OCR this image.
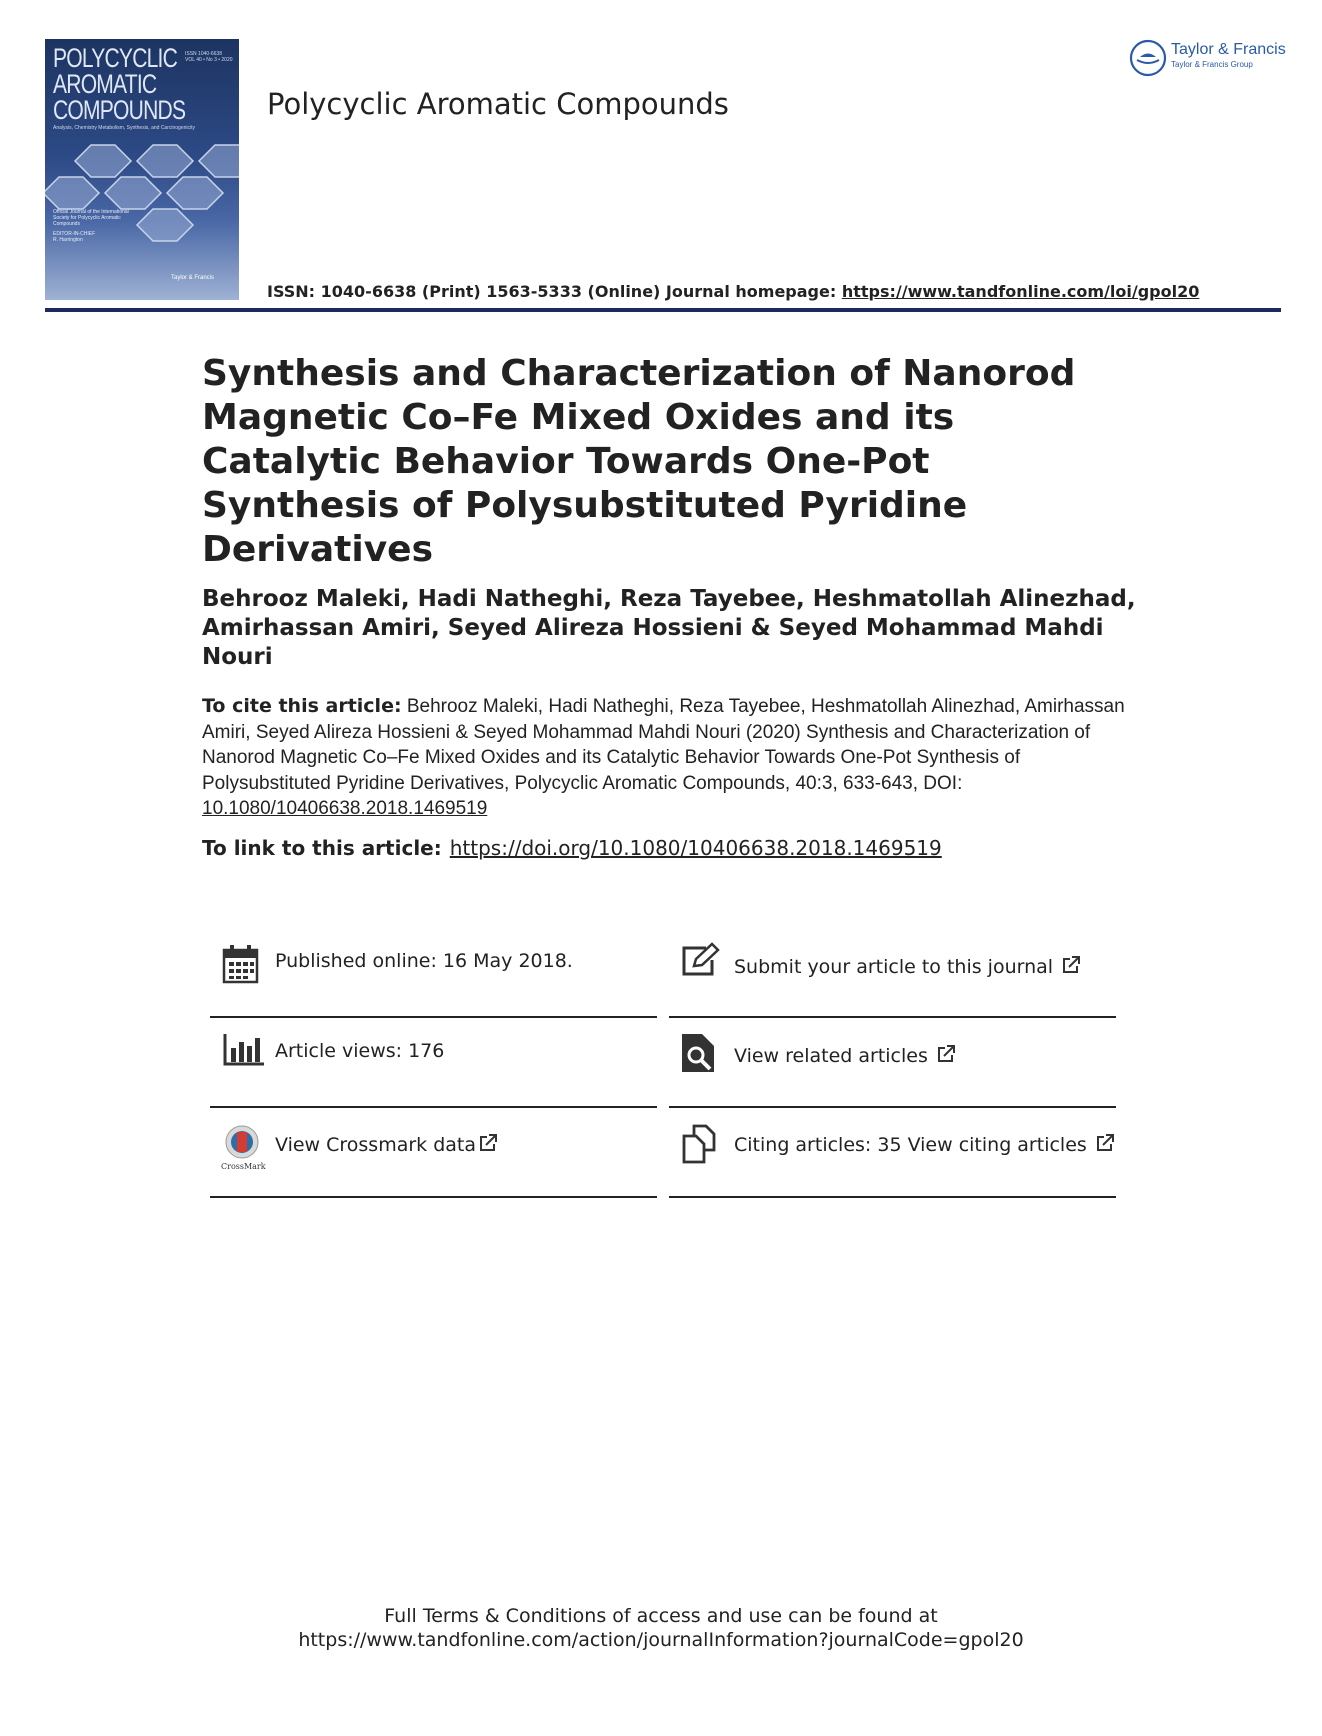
POLYCYCLIC
AROMATIC
COMPOUNDS
ISSN 1040-6638
VOL 40 • No 3 • 2020
Analysis, Chemistry Metabolism, Synthesis, and Carcinogenicity
Official Journal of the International Society for Polycyclic Aromatic Compounds
EDITOR-IN-CHIEF
R. Harrington
Taylor & Francis
Polycyclic Aromatic Compounds
Taylor & Francis
Taylor & Francis Group
ISSN: 1040-6638 (Print) 1563-5333 (Online) Journal homepage: https://www.tandfonline.com/loi/gpol20
Synthesis and Characterization of Nanorod Magnetic Co–Fe Mixed Oxides and its Catalytic Behavior Towards One-Pot Synthesis of Polysubstituted Pyridine Derivatives
Behrooz Maleki, Hadi Natheghi, Reza Tayebee, Heshmatollah Alinezhad, Amirhassan Amiri, Seyed Alireza Hossieni & Seyed Mohammad Mahdi Nouri
To cite this article: Behrooz Maleki, Hadi Natheghi, Reza Tayebee, Heshmatollah Alinezhad, Amirhassan Amiri, Seyed Alireza Hossieni & Seyed Mohammad Mahdi Nouri (2020) Synthesis and Characterization of Nanorod Magnetic Co–Fe Mixed Oxides and its Catalytic Behavior Towards One-Pot Synthesis of Polysubstituted Pyridine Derivatives, Polycyclic Aromatic Compounds, 40:3, 633-643, DOI: 10.1080/10406638.2018.1469519
To link to this article: https://doi.org/10.1080/10406638.2018.1469519
Published online: 16 May 2018.	Submit your article to this journal
Article views: 176	View related articles
CrossMark
View Crossmark data	Citing articles: 35 View citing articles
Full Terms & Conditions of access and use can be found at
https://www.tandfonline.com/action/journalInformation?journalCode=gpol20
